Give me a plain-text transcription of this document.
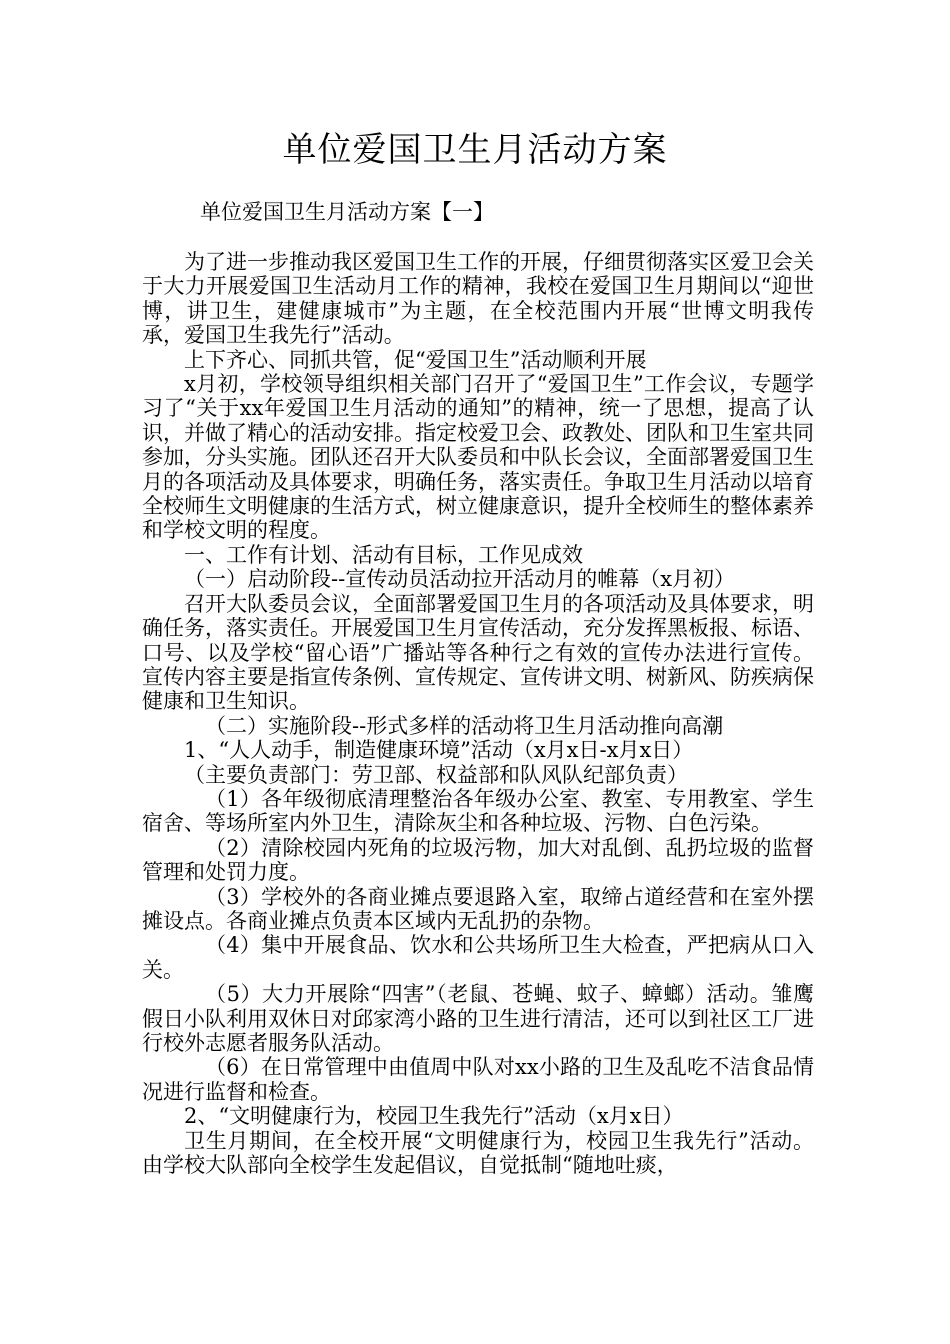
单位爱国卫生月活动方案
单位爱国卫生月活动方案【一】

为了进一步推动我区爱国卫生工作的开展，仔细贯彻落实区爱卫会关于大力开展爱国卫生活动月工作的精神，我校在爱国卫生月期间以“迎世博，讲卫生，建健康城市”为主题，在全校范围内开展“世博文明我传承，爱国卫生我先行”活动。

上下齐心、同抓共管，促“爱国卫生”活动顺利开展

x月初，学校领导组织相关部门召开了“爱国卫生”工作会议，专题学习了“关于xx年爱国卫生月活动的通知”的精神，统一了思想，提高了认识，并做了精心的活动安排。指定校爱卫会、政教处、团队和卫生室共同参加，分头实施。团队还召开大队委员和中队长会议，全面部署爱国卫生月的各项活动及具体要求，明确任务，落实责任。争取卫生月活动以培育全校师生文明健康的生活方式，树立健康意识，提升全校师生的整体素养和学校文明的程度。

一、工作有计划、活动有目标，工作见成效

（一）启动阶段--宣传动员活动拉开活动月的帷幕（x月初）

召开大队委员会议，全面部署爱国卫生月的各项活动及具体要求，明确任务，落实责任。开展爱国卫生月宣传活动，充分发挥黑板报、标语、口号、以及学校“留心语”广播站等各种行之有效的宣传办法进行宣传。宣传内容主要是指宣传条例、宣传规定、宣传讲文明、树新风、防疾病保健康和卫生知识。

（二）实施阶段--形式多样的活动将卫生月活动推向高潮

1、“人人动手，制造健康环境”活动（x月x日-x月x日）

（主要负责部门：劳卫部、权益部和队风队纪部负责）

（1）各年级彻底清理整治各年级办公室、教室、专用教室、学生宿舍、等场所室内外卫生，清除灰尘和各种垃圾、污物、白色污染。

（2）清除校园内死角的垃圾污物，加大对乱倒、乱扔垃圾的监督管理和处罚力度。

（3）学校外的各商业摊点要退路入室，取缔占道经营和在室外摆摊设点。各商业摊点负责本区域内无乱扔的杂物。

（4）集中开展食品、饮水和公共场所卫生大检查，严把病从口入关。

（5）大力开展除“四害”（老鼠、苍蝇、蚊子、蟑螂）活动。雏鹰假日小队利用双休日对邱家湾小路的卫生进行清洁，还可以到社区工厂进行校外志愿者服务队活动。

（6）在日常管理中由值周中队对xx小路的卫生及乱吃不洁食品情况进行监督和检查。

2、“文明健康行为，校园卫生我先行”活动（x月x日）

卫生月期间，在全校开展“文明健康行为，校园卫生我先行”活动。由学校大队部向全校学生发起倡议，自觉抵制“随地吐痰，
